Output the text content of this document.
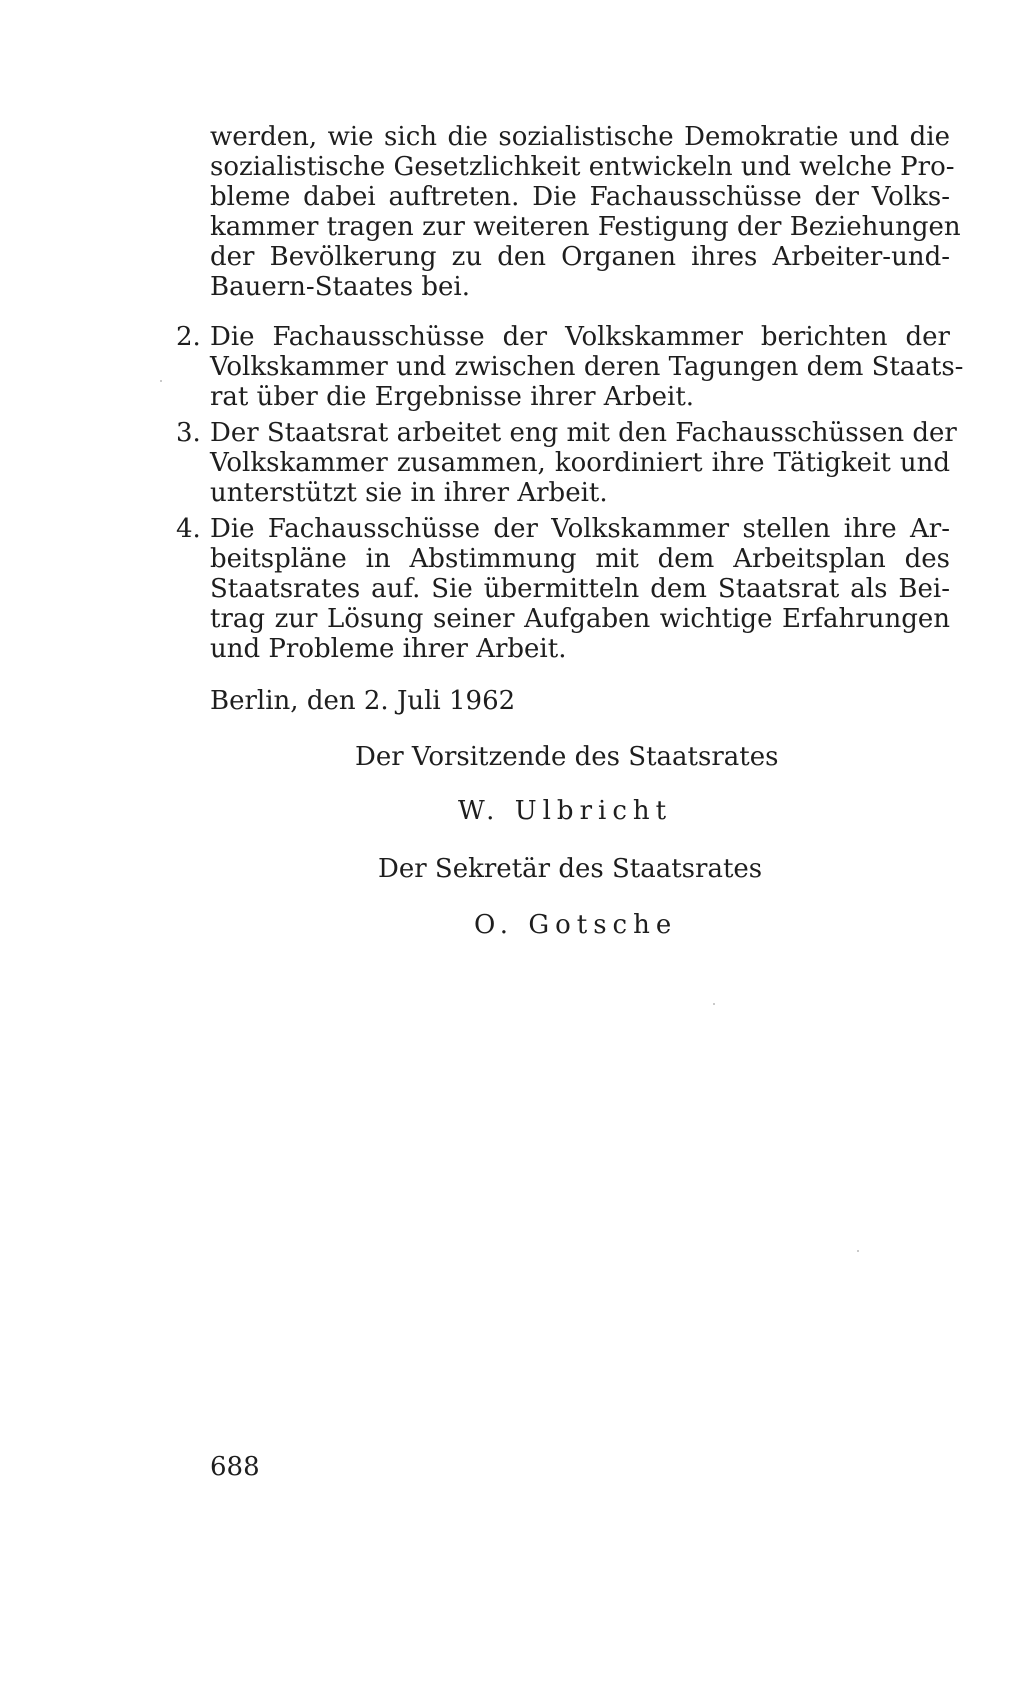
werden, wie sich die sozialistische Demokratie und die
sozialistische Gesetzlichkeit entwickeln und welche Pro-
bleme dabei auftreten. Die Fachausschüsse der Volks-
kammer tragen zur weiteren Festigung der Beziehungen
der Bevölkerung zu den Organen ihres Arbeiter-und-
Bauern-Staates bei.
2. Die Fachausschüsse der Volkskammer berichten der
Volkskammer und zwischen deren Tagungen dem Staats-
rat über die Ergebnisse ihrer Arbeit.
3. Der Staatsrat arbeitet eng mit den Fachausschüssen der
Volkskammer zusammen, koordiniert ihre Tätigkeit und
unterstützt sie in ihrer Arbeit.
4. Die Fachausschüsse der Volkskammer stellen ihre Ar-
beitspläne in Abstimmung mit dem Arbeitsplan des
Staatsrates auf. Sie übermitteln dem Staatsrat als Bei-
trag zur Lösung seiner Aufgaben wichtige Erfahrungen
und Probleme ihrer Arbeit.
Berlin, den 2. Juli 1962
Der Vorsitzende des Staatsrates
W. Ulbricht
Der Sekretär des Staatsrates
O. Gotsche
688
